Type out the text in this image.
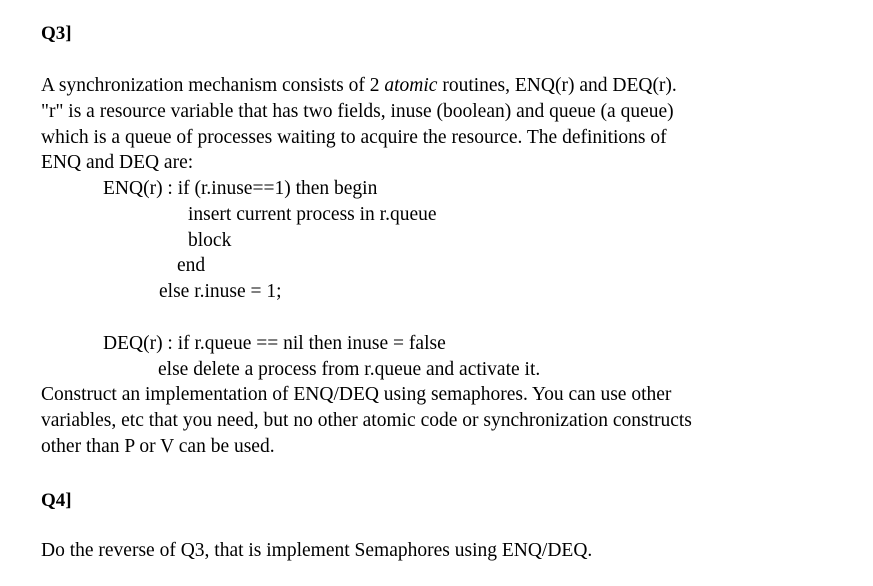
Q3]
A synchronization mechanism consists of 2 atomic routines, ENQ(r) and DEQ(r).
"r" is a resource variable that has two fields, inuse (boolean) and queue (a queue)
which is a queue of processes waiting to acquire the resource. The definitions of
ENQ and DEQ are:
ENQ(r) : if (r.inuse==1) then begin
insert current process in r.queue
block
end
else r.inuse = 1;
DEQ(r) : if r.queue == nil then inuse = false
else delete a process from r.queue and activate it.
Construct an implementation of ENQ/DEQ using semaphores. You can use other
variables, etc that you need, but no other atomic code or synchronization constructs
other than P or V can be used.
Q4]
Do the reverse of Q3, that is implement Semaphores using ENQ/DEQ.
